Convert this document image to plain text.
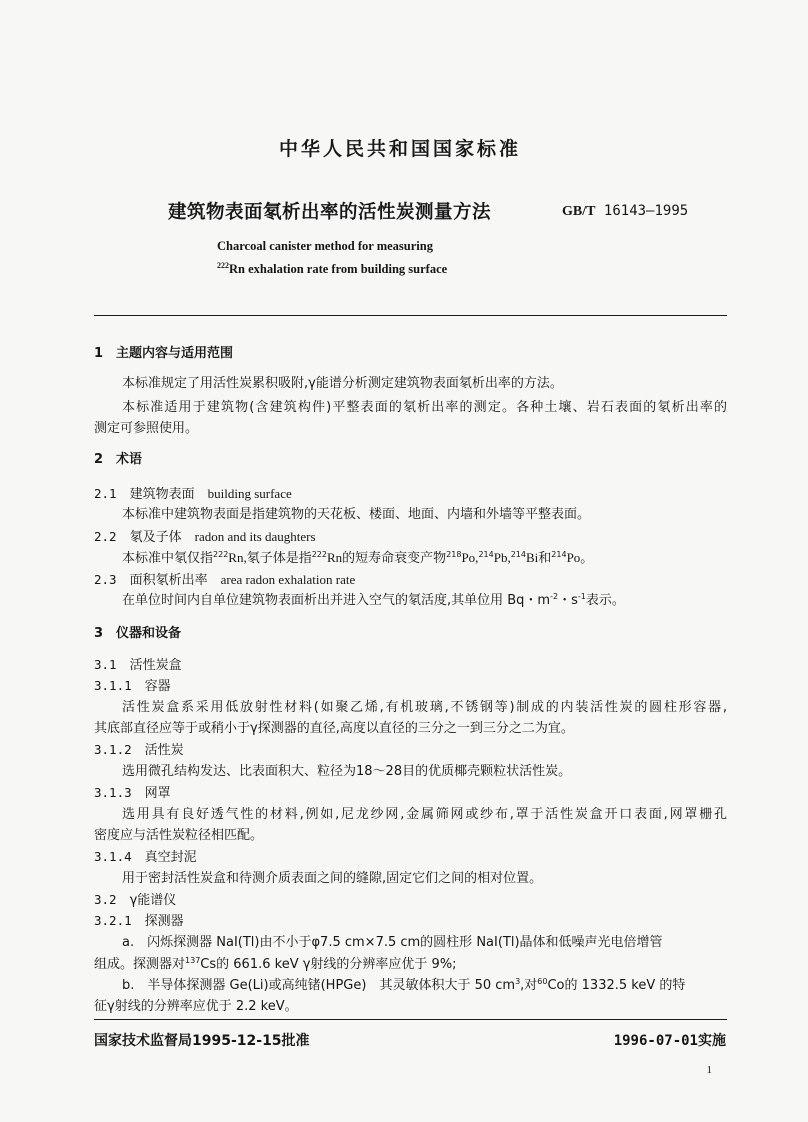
中华人民共和国国家标准
建筑物表面氡析出率的活性炭测量方法	GB/T 16143—1995
Charcoal canister method for measuring
$^{222}$Rn exhalation rate from building surface
1　主题内容与适用范围
本标准规定了用活性炭累积吸附,γ能谱分析测定建筑物表面氡析出率的方法。
本标准适用于建筑物(含建筑构件)平整表面的氡析出率的测定。各种土壤、岩石表面的氡析出率的
测定可参照使用。
2　术语
2.1　 建筑物表面　 building surface
本标准中建筑物表面是指建筑物的天花板、楼面、地面、内墙和外墙等平整表面。
2.2　 氡及子体　 radon and its daughters
本标准中氡仅指$^{222}$Rn,氡子体是指$^{222}$Rn的短寿命衰变产物$^{218}$Po,$^{214}$Pb,$^{214}$Bi和$^{214}$Po。
2.3　 面积氡析出率　 area radon exhalation rate
在单位时间内自单位建筑物表面析出并进入空气的氡活度,其单位用 Bq・$m^{-2}$・$s^{-1}$表示。
3　仪器和设备
3.1　 活性炭盒
3.1.1　 容器
活性炭盒系采用低放射性材料(如聚乙烯,有机玻璃,不锈钢等)制成的内装活性炭的圆柱形容器,
其底部直径应等于或稍小于γ探测器的直径,高度以直径的三分之一到三分之二为宜。
3.1.2　 活性炭
选用微孔结构发达、比表面积大、粒径为18～28目的优质椰壳颗粒状活性炭。
3.1.3　 网罩
选用具有良好透气性的材料,例如,尼龙纱网,金属筛网或纱布,罩于活性炭盒开口表面,网罩栅孔
密度应与活性炭粒径相匹配。
3.1.4　 真空封泥
用于密封活性炭盒和待测介质表面之间的缝隙,固定它们之间的相对位置。
3.2　 γ能谱仪
3.2.1　 探测器
a.　 闪烁探测器 NaI(Tl)由不小于φ7.5 cm×7.5 cm的圆柱形 NaI(Tl)晶体和低噪声光电倍增管
组成。探测器对$^{137}$Cs的 661.6 keV γ射线的分辨率应优于 9%;
b.　 半导体探测器 Ge(Li)或高纯锗(HPGe)　其灵敏体积大于 50 $cm^3$,对$^{60}$Co的 1332.5 keV 的特
征γ射线的分辨率应优于 2.2 keV。
国家技术监督局1995-12-15批准	1996-07-01实施
1
